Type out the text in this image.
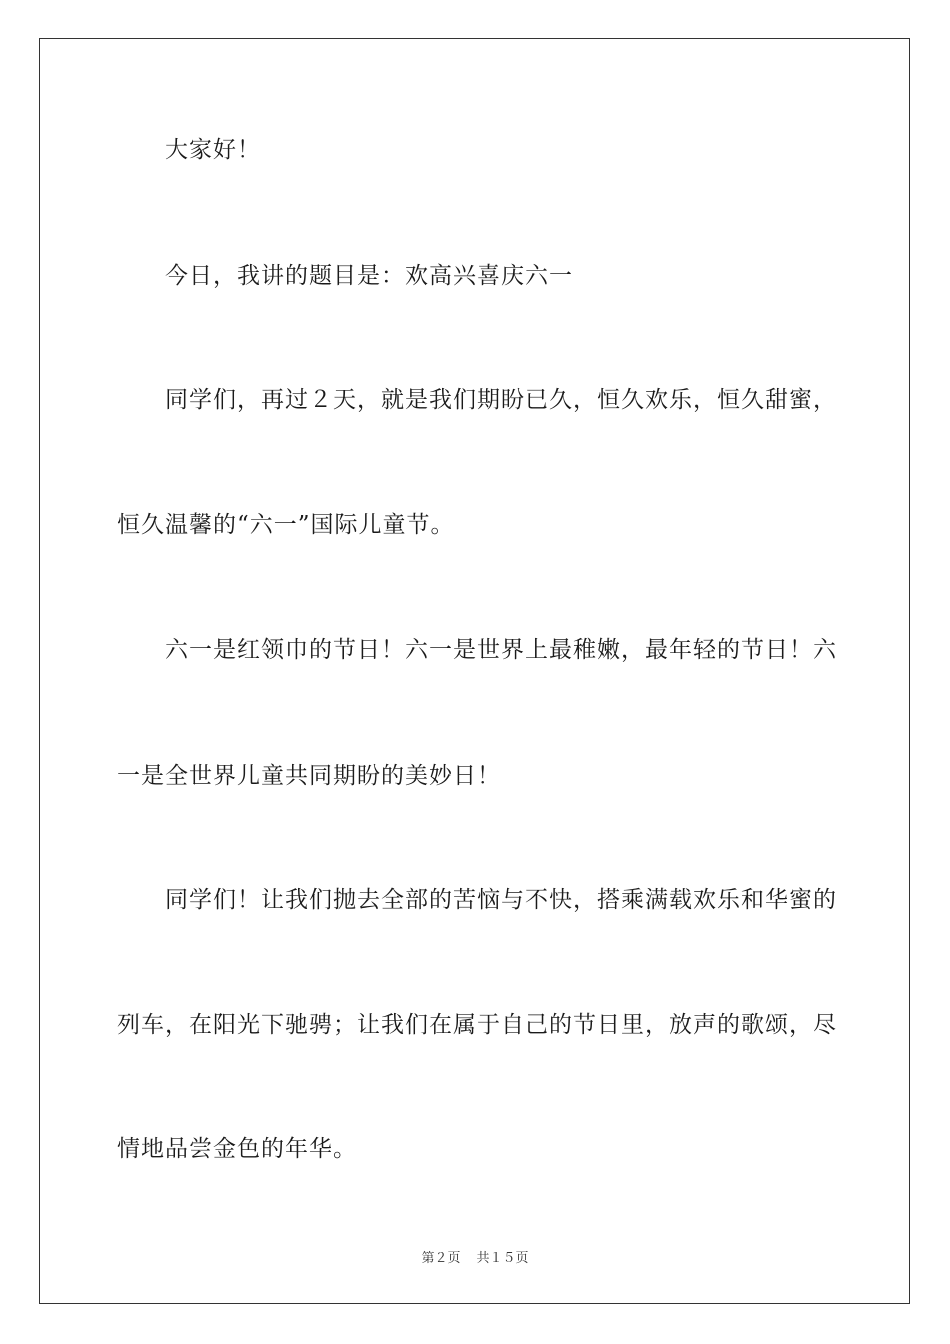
大家好！
今日，我讲的题目是：欢高兴喜庆六一
同学们，再过２天，就是我们期盼已久，恒久欢乐，恒久甜蜜，
恒久温馨的“六一”国际儿童节。
六一是红领巾的节日！六一是世界上最稚嫩，最年轻的节日！六
一是全世界儿童共同期盼的美妙日！
同学们！让我们抛去全部的苦恼与不快，搭乘满载欢乐和华蜜的
列车，在阳光下驰骋；让我们在属于自己的节日里，放声的歌颂，尽
情地品尝金色的年华。
第２页 共１５页
